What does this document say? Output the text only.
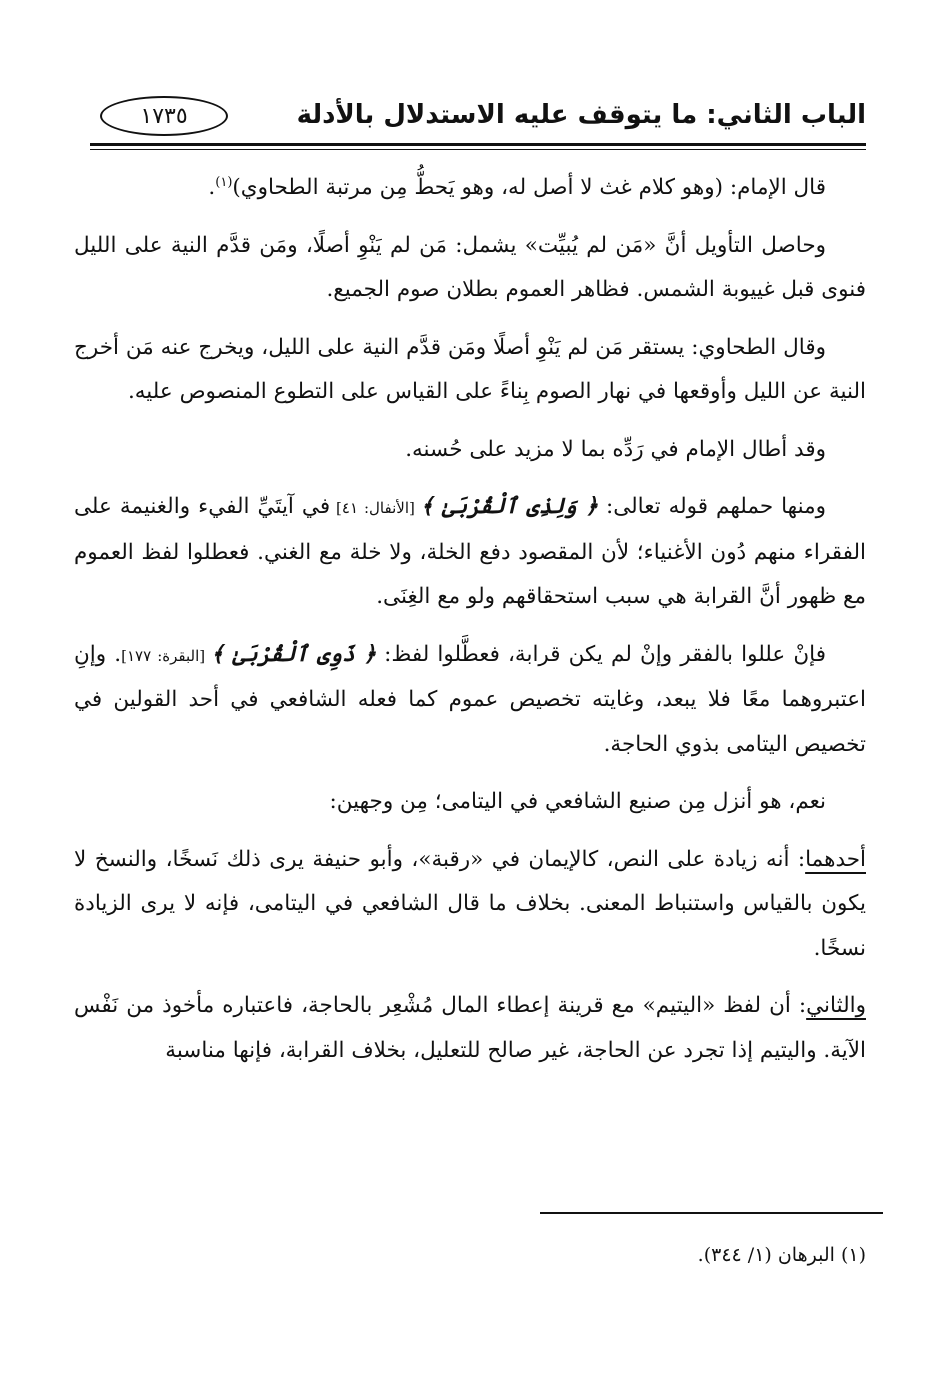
الباب الثاني: ما يتوقف عليه الاستدلال بالأدلة
١٧٣٥

قال الإمام: (وهو كلام غث لا أصل له، وهو يَحطُّ مِن مرتبة الطحاوي)$^{(١)}$.

وحاصل التأويل أنَّ «مَن لم يُبيِّت» يشمل: مَن لم يَنْوِ أصلًا، ومَن قدَّم النية على الليل فنوى قبل غييوبة الشمس. فظاهر العموم بطلان صوم الجميع.

وقال الطحاوي: يستقر مَن لم يَنْوِ أصلًا ومَن قدَّم النية على الليل، ويخرج عنه مَن أخرج النية عن الليل وأوقعها في نهار الصوم بِناءً على القياس على التطوع المنصوص عليه.

وقد أطال الإمام في رَدِّه بما لا مزيد على حُسنه.

ومنها حملهم قوله تعالى: ﴿ وَلِذِى ٱلْقُرْبَىٰ ﴾ [الأنفال: ٤١] في آيتَيِّ الفيء والغنيمة على الفقراء منهم دُون الأغنياء؛ لأن المقصود دفع الخلة، ولا خلة مع الغني. فعطلوا لفظ العموم مع ظهور أنَّ القرابة هي سبب استحقاقهم ولو مع الغِنَى.

فإنْ عللوا بالفقر وإنْ لم يكن قرابة، فعطَّلوا لفظ: ﴿ ذَوِى ٱلْقُرْبَىٰ ﴾ [البقرة: ١٧٧]. وإنِ اعتبروهما معًا فلا يبعد، وغايته تخصيص عموم كما فعله الشافعي في أحد القولين في تخصيص اليتامى بذوي الحاجة.

نعم، هو أنزل مِن صنيع الشافعي في اليتامى؛ مِن وجهين:

أحدهما: أنه زيادة على النص، كالإيمان في «رقبة»، وأبو حنيفة يرى ذلك نَسخًا، والنسخ لا يكون بالقياس واستنباط المعنى. بخلاف ما قال الشافعي في اليتامى، فإنه لا يرى الزيادة نسخًا.

والثاني: أن لفظ «اليتيم» مع قرينة إعطاء المال مُشْعِر بالحاجة، فاعتباره مأخوذ من نَفْس الآية. واليتيم إذا تجرد عن الحاجة، غير صالح للتعليل، بخلاف القرابة، فإنها مناسبة

(١) البرهان (١/ ٣٤٤).
